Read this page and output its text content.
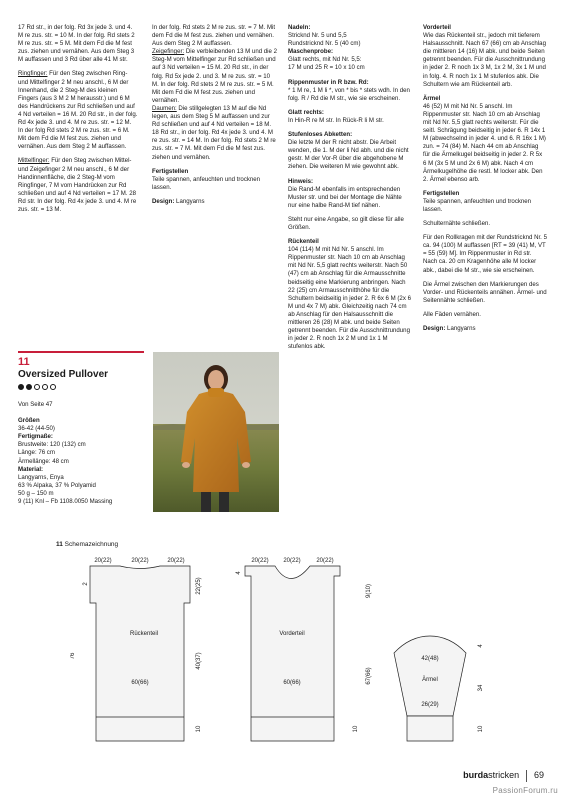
17 Rd str., in der folg. Rd 3x jede 3. und 4. M re zus. str. = 10 M. In der folg. Rd stets 2 M re zus. str. = 5 M. Mit dem Fd die M fest zus. ziehen und vernähen. Aus dem Steg 3 M auffassen und 3 Rd über alle 41 M str.

Ringfinger: Für den Steg zwischen Ring- und Mittelfinger 2 M neu anschl., 6 M der Innenhand, die 2 Steg-M des kleinen Fingers (aus 3 M 2 M herausstr.) und 6 M des Handrückens zur Rd schließen und auf 4 Nd verteilen = 16 M. 20 Rd str., in der folg. Rd 4x jede 3. und 4. M re zus. str. = 12 M. In der folg Rd stets 2 M re zus. str. = 6 M. Mit dem Fd die M fest zus. ziehen und vernähen. Aus dem Steg 2 M auffassen.

Mittelfinger: Für den Steg zwischen Mittel- und Zeigefinger 2 M neu anschl., 6 M der Handinnenfläche, die 2 Steg-M vom Ringfinger, 7 M vom Handrücken zur Rd schließen und auf 4 Nd verteilen = 17 M. 28 Rd str. In der folg. Rd 4x jede 3. und 4. M re zus. str. = 13 M.

In der folg. Rd stets 2 M re zus. str. = 7 M. Mit dem Fd die M fest zus. ziehen und vernähen. Aus dem Steg 2 M auffassen.

Zeigefinger: Die verbleibenden 13 M und die 2 Steg-M vom Mittelfinger zur Rd schließen und auf 3 Nd verteilen = 15 M. 20 Rd str., in der folg. Rd 5x jede 2. und 3. M re zus. str. = 10 M. In der folg. Rd stets 2 M re zus. str. = 5 M. Mit dem Fd die M fest zus. ziehen und vernähen.

Daumen: Die stillgelegten 13 M auf die Nd legen, aus dem Steg 5 M auffassen und zur Rd schließen und auf 4 Nd verteilen = 18 M. 18 Rd str., in der folg. Rd 4x jede 3. und 4. M re zus. str. = 14 M. In der folg. Rd stets 2 M re zus. str. = 7 M. Mit dem Fd die M fest zus. ziehen und vernähen.

Fertigstellen
Teile spannen, anfeuchten und trocknen lassen.

Design: Langyarns

Nadeln:
Stricknd Nr. 5 und 5,5
Rundstricknd Nr. 5 (40 cm)
Maschenprobe:
Glatt rechts, mit Nd Nr. 5,5:
17 M und 25 R = 10 x 10 cm

Rippenmuster in R bzw. Rd:
* 1 M re, 1 M li *, von * bis * stets wdh. In den folg. R / Rd die M str., wie sie erscheinen.

Glatt rechts:
In Hin-R re M str. In Rück-R li M str.

Stufenloses Abketten:
Die letzte M der R nicht abstr. Die Arbeit wenden, die 1. M der li Nd abh. und die nicht gestr. M der Vor-R über die abgehobene M ziehen. Die weiteren M wie gewohnt abk.

Hinweis:
Die Rand-M ebenfalls im entsprechenden Muster str. und bei der Montage die Nähte nur eine halbe Rand-M tief nähen.

Steht nur eine Angabe, so gilt diese für alle Größen.

Rückenteil
104 (114) M mit Nd Nr. 5 anschl. Im Rippenmuster str. Nach 10 cm ab Anschlag mit Nd Nr. 5,5 glatt rechts weiterstr. Nach 50 (47) cm ab Anschlag für die Armausschnitte beidseitig eine Markierung anbringen. Nach 22 (25) cm Armausschnitthöhe für die Schultern beidseitig in jeder 2. R 6x 6 M (2x 6 M und 4x 7 M) abk. Gleichzeitig nach 74 cm ab Anschlag für den Halsausschnitt die mittleren 26 (28) M abk. und beide Seiten getrennt beenden. Für die Ausschnittrundung in jeder 2. R noch 1x 2 M und 1x 1 M stufenlos abk.

Vorderteil
Wie das Rückenteil str., jedoch mit tieferem Halsausschnitt. Nach 67 (66) cm ab Anschlag die mittleren 14 (16) M abk. und beide Seiten getrennt beenden. Für die Ausschnittrundung in jeder 2. R noch 1x 3 M, 1x 2 M, 3x 1 M und in folg. 4. R noch 1x 1 M stufenlos abk. Die Schultern wie am Rückenteil arb.

Ärmel
46 (52) M mit Nd Nr. 5 anschl. Im Rippenmuster str. Nach 10 cm ab Anschlag mit Nd Nr. 5,5 glatt rechts weiterstr. Für die seitl. Schrägung beidseitig in jeder 6. R 14x 1 M (abwechselnd in jeder 4. und 6. R 16x 1 M) zun. = 74 (84) M. Nach 44 cm ab Anschlag für die Ärmelkugel beidseitig in jeder 2. R 5x 6 M (3x 5 M und 2x 6 M) abk. Nach 4 cm Ärmelkugelhöhe die restl. M locker abk. Den 2. Ärmel ebenso arb.

Fertigstellen
Teile spannen, anfeuchten und trocknen lassen.

Schulternähte schließen.

Für den Rollkragen mit der Rundstricknd Nr. 5 ca. 94 (100) M auffassen [RT = 39 (41) M, VT = 55 (59) M]. Im Rippenmuster in Rd str. Nach ca. 20 cm Kragenhöhe alle M locker abk., dabei die M str., wie sie erscheinen.

Die Ärmel zwischen den Markierungen des Vorder- und Rückenteils annähen. Ärmel- und Seitennähte schließen.

Alle Fäden vernähen.

Design: Langyarns

11
Oversized Pullover

Von Seite 47

Größen
36-42 (44-50)
Fertigmaße:
Brustweite: 120 (132) cm
Länge: 76 cm
Ärmellänge: 48 cm
Material:
Langyarns, Enya
63 % Alpaka, 37 % Polyamid
50 g – 150 m
9 (11) Knl – Fb 1108.0050 Massing
11 Schemazeichnung
Rückenteil
20(22)	20(22)	20(22)
60(66)
2
76
22(25)
40(37)
10
Vorderteil
20(22) 20(22)	20(22)
60(66)
4
9(10)
67(66)
10
42(48)
Ärmel
26(29)
4
34
10
burdastricken 69
PassionForum.ru
